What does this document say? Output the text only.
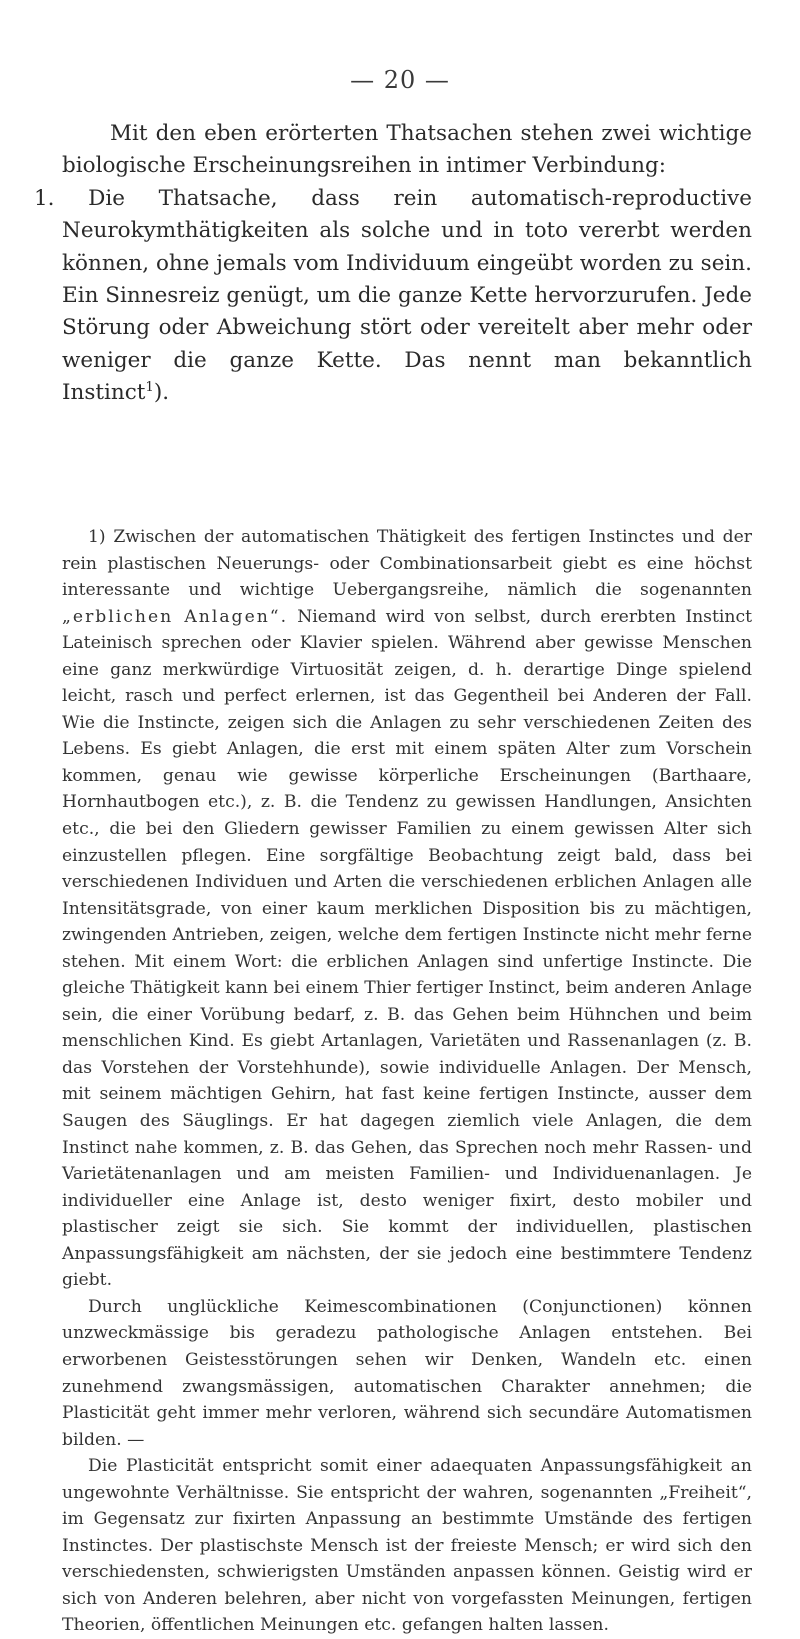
— 20 —

Mit den eben erörterten Thatsachen stehen zwei wichtige biologische Erscheinungsreihen in intimer Verbindung:

1. Die Thatsache, dass rein automatisch-reproductive Neurokymthätigkeiten als solche und in toto vererbt werden können, ohne jemals vom Individuum eingeübt worden zu sein. Ein Sinnesreiz genügt, um die ganze Kette hervorzurufen. Jede Störung oder Abweichung stört oder vereitelt aber mehr oder weniger die ganze Kette. Das nennt man bekanntlich Instinct$^1$).

1) Zwischen der automatischen Thätigkeit des fertigen Instinctes und der rein plastischen Neuerungs- oder Combinationsarbeit giebt es eine höchst interessante und wichtige Uebergangsreihe, nämlich die sogenannten „erblichen Anlagen“. Niemand wird von selbst, durch ererbten Instinct Lateinisch sprechen oder Klavier spielen. Während aber gewisse Menschen eine ganz merkwürdige Virtuosität zeigen, d. h. derartige Dinge spielend leicht, rasch und perfect erlernen, ist das Gegentheil bei Anderen der Fall. Wie die Instincte, zeigen sich die Anlagen zu sehr verschiedenen Zeiten des Lebens. Es giebt Anlagen, die erst mit einem späten Alter zum Vorschein kommen, genau wie gewisse körperliche Erscheinungen (Barthaare, Hornhautbogen etc.), z. B. die Tendenz zu gewissen Handlungen, Ansichten etc., die bei den Gliedern gewisser Familien zu einem gewissen Alter sich einzustellen pflegen. Eine sorgfältige Beobachtung zeigt bald, dass bei verschiedenen Individuen und Arten die verschiedenen erblichen Anlagen alle Intensitätsgrade, von einer kaum merklichen Disposition bis zu mächtigen, zwingenden Antrieben, zeigen, welche dem fertigen Instincte nicht mehr ferne stehen. Mit einem Wort: die erblichen Anlagen sind unfertige Instincte. Die gleiche Thätigkeit kann bei einem Thier fertiger Instinct, beim anderen Anlage sein, die einer Vorübung bedarf, z. B. das Gehen beim Hühnchen und beim menschlichen Kind. Es giebt Artanlagen, Varietäten und Rassenanlagen (z. B. das Vorstehen der Vorstehhunde), sowie individuelle Anlagen. Der Mensch, mit seinem mächtigen Gehirn, hat fast keine fertigen Instincte, ausser dem Saugen des Säuglings. Er hat dagegen ziemlich viele Anlagen, die dem Instinct nahe kommen, z. B. das Gehen, das Sprechen noch mehr Rassen- und Varietätenanlagen und am meisten Familien- und Individuenanlagen. Je individueller eine Anlage ist, desto weniger fixirt, desto mobiler und plastischer zeigt sie sich. Sie kommt der individuellen, plastischen Anpassungsfähigkeit am nächsten, der sie jedoch eine bestimmtere Tendenz giebt.

Durch unglückliche Keimescombinationen (Conjunctionen) können unzweckmässige bis geradezu pathologische Anlagen entstehen. Bei erworbenen Geistesstörungen sehen wir Denken, Wandeln etc. einen zunehmend zwangsmässigen, automatischen Charakter annehmen; die Plasticität geht immer mehr verloren, während sich secundäre Automatismen bilden. —

Die Plasticität entspricht somit einer adaequaten Anpassungsfähigkeit an ungewohnte Verhältnisse. Sie entspricht der wahren, sogenannten „Freiheit“, im Gegensatz zur fixirten Anpassung an bestimmte Umstände des fertigen Instinctes. Der plastischste Mensch ist der freieste Mensch; er wird sich den verschiedensten, schwierigsten Umständen anpassen können. Geistig wird er sich von Anderen belehren, aber nicht von vorgefassten Meinungen, fertigen Theorien, öffentlichen Meinungen etc. gefangen halten lassen.
